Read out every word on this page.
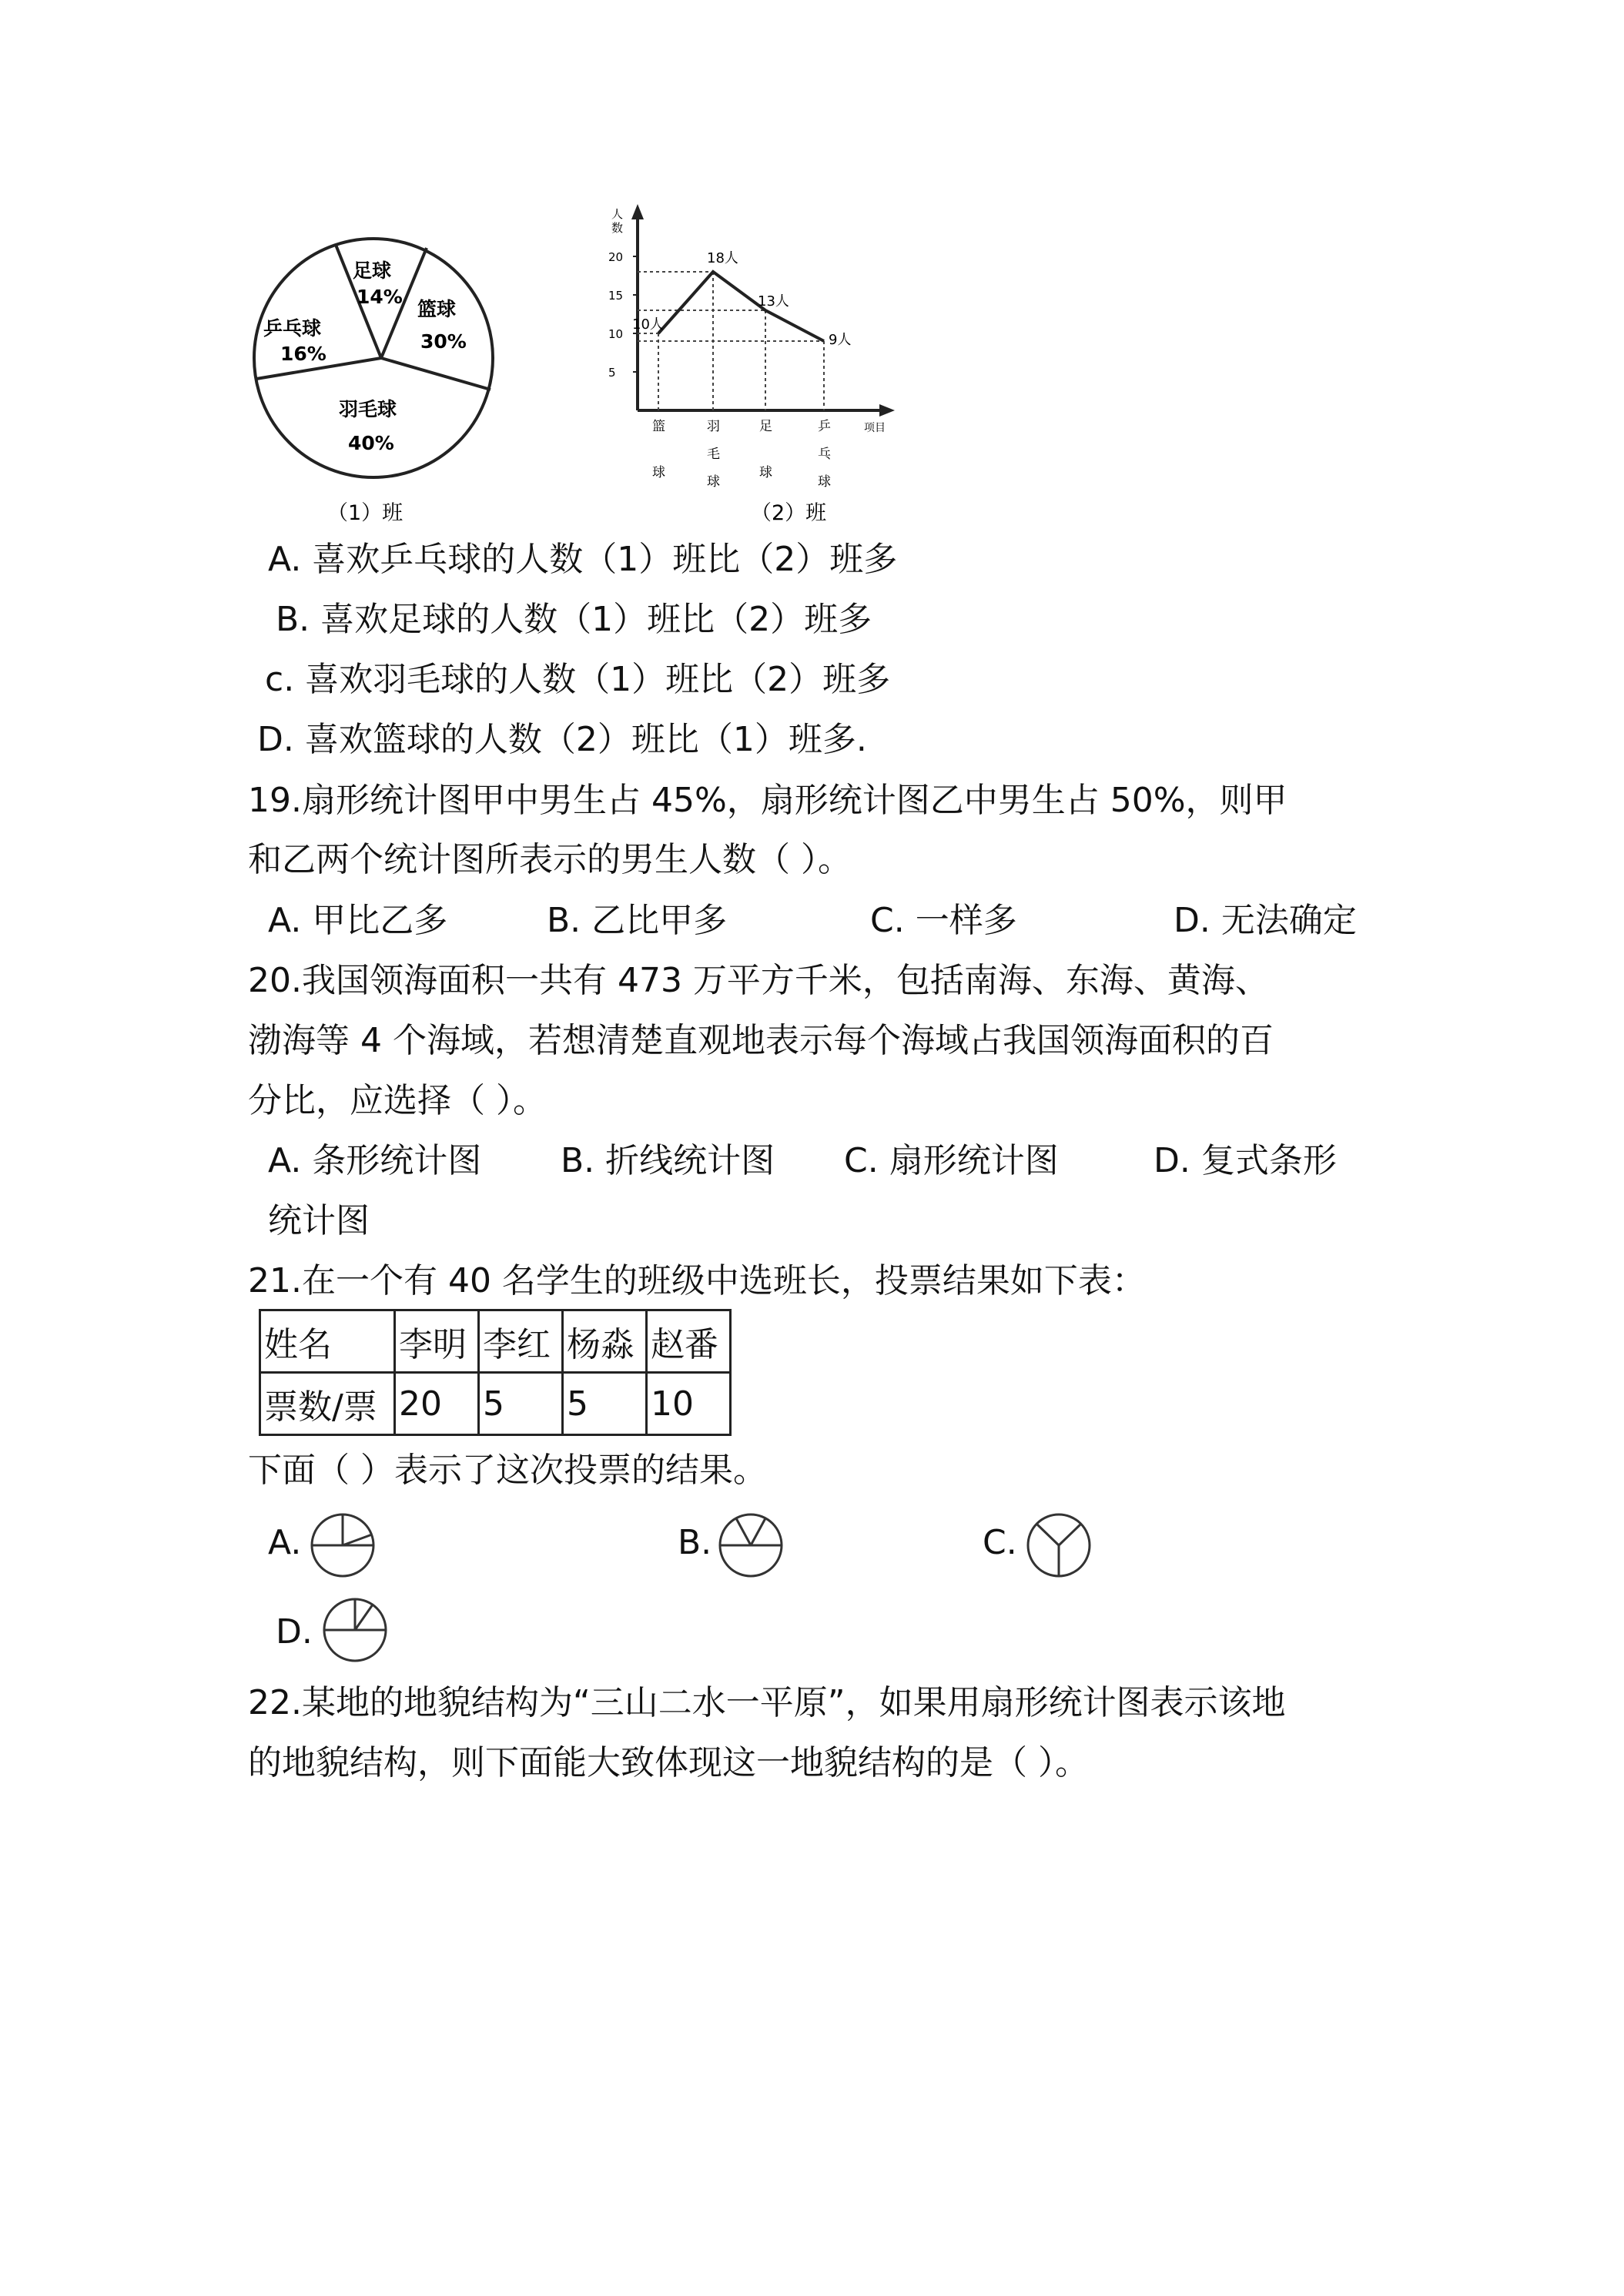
足球
14%
篮球
30%
羽毛球
40%
乒乓球
16%
（1）班
人
数
项目
5
10
15
20
10人
18人
13人
9人
篮球
羽毛球
足球
乒乓球
（2）班
A. 喜欢乒乓球的人数（1）班比（2）班多
B. 喜欢足球的人数（1）班比（2）班多
c. 喜欢羽毛球的人数（1）班比（2）班多
D. 喜欢篮球的人数（2）班比（1）班多.
19.扇形统计图甲中男生占 45%，扇形统计图乙中男生占 50%，则甲
和乙两个统计图所表示的男生人数（ ）。
A. 甲比乙多	B. 乙比甲多	C. 一样多	D. 无法确定
20.我国领海面积一共有 473 万平方千米，包括南海、东海、黄海、
渤海等 4 个海域，若想清楚直观地表示每个海域占我国领海面积的百
分比，应选择（ ）。
A. 条形统计图 B. 折线统计图 C. 扇形统计图	D. 复式条形
统计图
21.在一个有 40 名学生的班级中选班长，投票结果如下表：
姓名	李明	李红	杨淼	赵番
票数/票	20	5	5	10
下面（ ）表示了这次投票的结果。
A.	B.	C.
D.
22.某地的地貌结构为“三山二水一平原”，如果用扇形统计图表示该地
的地貌结构，则下面能大致体现这一地貌结构的是（ ）。
